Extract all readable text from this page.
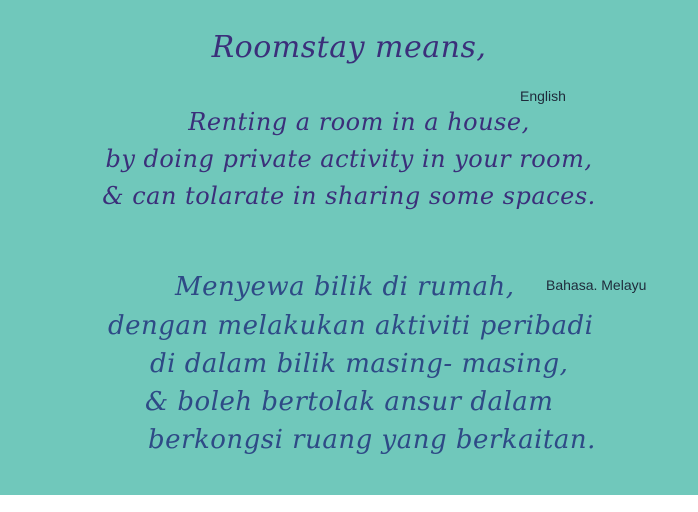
Roomstay means,
English
Renting a room in a house,
by doing private activity in your room,
& can tolarate in sharing some spaces.
Bahasa. Melayu
Menyewa bilik di rumah,
dengan melakukan aktiviti peribadi
di dalam bilik masing- masing,
& boleh bertolak ansur dalam
berkongsi ruang yang berkaitan.
